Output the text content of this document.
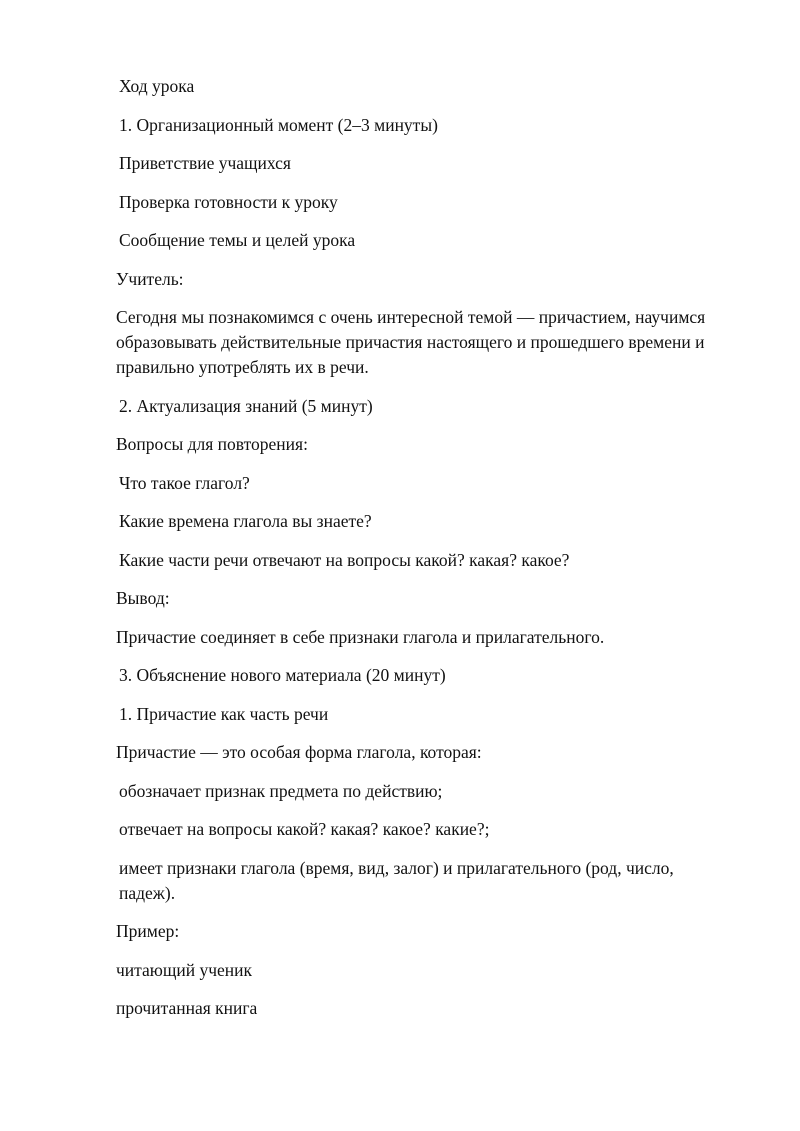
Ход урока

1. Организационный момент (2–3 минуты)

Приветствие учащихся

Проверка готовности к уроку

Сообщение темы и целей урока

Учитель:

Сегодня мы познакомимся с очень интересной темой — причастием, научимся образовывать действительные причастия настоящего и прошедшего времени и правильно употреблять их в речи.

2. Актуализация знаний (5 минут)

Вопросы для повторения:

Что такое глагол?

Какие времена глагола вы знаете?

Какие части речи отвечают на вопросы какой? какая? какое?

Вывод:

Причастие соединяет в себе признаки глагола и прилагательного.

3. Объяснение нового материала (20 минут)

1. Причастие как часть речи

Причастие — это особая форма глагола, которая:

обозначает признак предмета по действию;

отвечает на вопросы какой? какая? какое? какие?;

имеет признаки глагола (время, вид, залог) и прилагательного (род, число, падеж).

Пример:

читающий ученик

прочитанная книга
